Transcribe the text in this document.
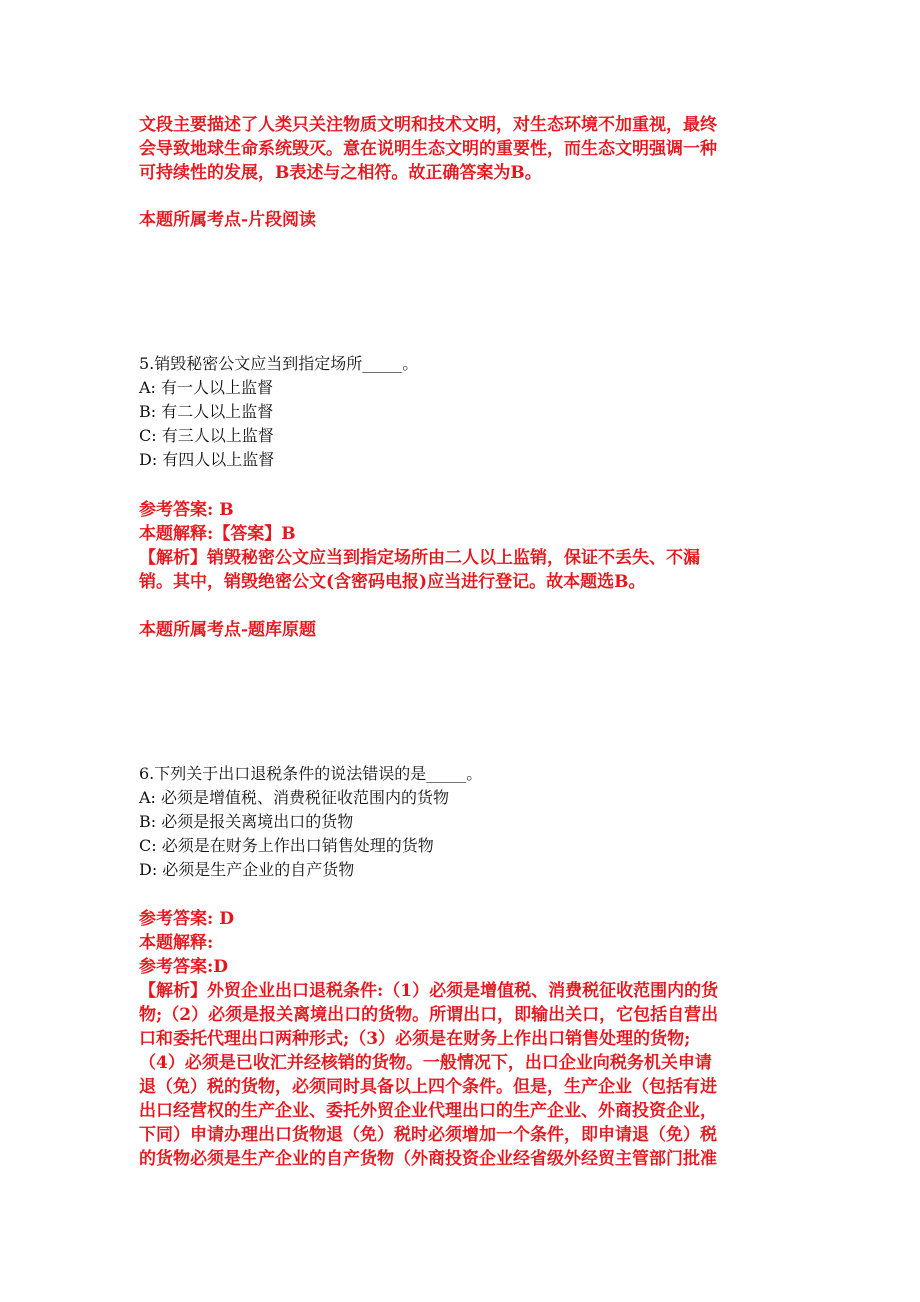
文段主要描述了人类只关注物质文明和技术文明，对生态环境不加重视，最终

会导致地球生命系统毁灭。意在说明生态文明的重要性，而生态文明强调一种

可持续性的发展，B表述与之相符。故正确答案为B。

本题所属考点-片段阅读

5.销毁秘密公文应当到指定场所_____。

A: 有一人以上监督

B: 有二人以上监督

C: 有三人以上监督

D: 有四人以上监督

参考答案: B

本题解释:【答案】B

【解析】销毁秘密公文应当到指定场所由二人以上监销，保证不丢失、不漏

销。其中，销毁绝密公文(含密码电报)应当进行登记。故本题选B。

本题所属考点-题库原题

6.下列关于出口退税条件的说法错误的是_____。

A: 必须是增值税、消费税征收范围内的货物

B: 必须是报关离境出口的货物

C: 必须是在财务上作出口销售处理的货物

D: 必须是生产企业的自产货物

参考答案: D

本题解释:

参考答案:D

【解析】外贸企业出口退税条件:（1）必须是增值税、消费税征收范围内的货

物;（2）必须是报关离境出口的货物。所谓出口，即输出关口，它包括自营出

口和委托代理出口两种形式;（3）必须是在财务上作出口销售处理的货物;

（4）必须是已收汇并经核销的货物。一般情况下，出口企业向税务机关申请

退（免）税的货物，必须同时具备以上四个条件。但是，生产企业（包括有进

出口经营权的生产企业、委托外贸企业代理出口的生产企业、外商投资企业，

下同）申请办理出口货物退（免）税时必须增加一个条件，即申请退（免）税

的货物必须是生产企业的自产货物（外商投资企业经省级外经贸主管部门批准
